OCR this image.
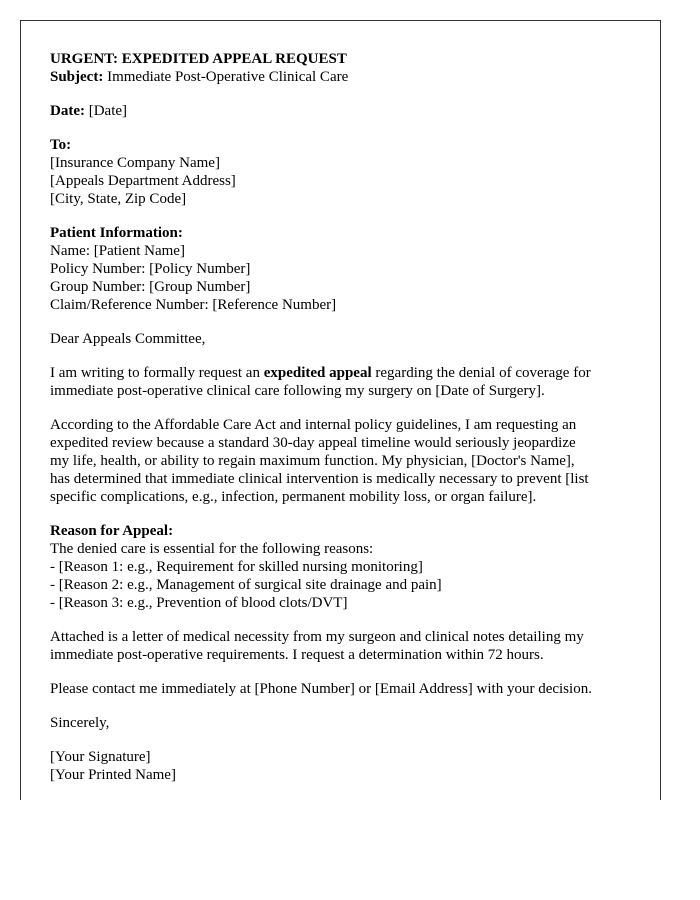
URGENT: EXPEDITED APPEAL REQUEST
Subject: Immediate Post-Operative Clinical Care
Date: [Date]
To:
[Insurance Company Name]
[Appeals Department Address]
[City, State, Zip Code]
Patient Information:
Name: [Patient Name]
Policy Number: [Policy Number]
Group Number: [Group Number]
Claim/Reference Number: [Reference Number]
Dear Appeals Committee,
I am writing to formally request an expedited appeal regarding the denial of coverage for
immediate post-operative clinical care following my surgery on [Date of Surgery].
According to the Affordable Care Act and internal policy guidelines, I am requesting an
expedited review because a standard 30-day appeal timeline would seriously jeopardize
my life, health, or ability to regain maximum function. My physician, [Doctor's Name],
has determined that immediate clinical intervention is medically necessary to prevent [list
specific complications, e.g., infection, permanent mobility loss, or organ failure].
Reason for Appeal:
The denied care is essential for the following reasons:
- [Reason 1: e.g., Requirement for skilled nursing monitoring]
- [Reason 2: e.g., Management of surgical site drainage and pain]
- [Reason 3: e.g., Prevention of blood clots/DVT]
Attached is a letter of medical necessity from my surgeon and clinical notes detailing my
immediate post-operative requirements. I request a determination within 72 hours.
Please contact me immediately at [Phone Number] or [Email Address] with your decision.
Sincerely,
[Your Signature]
[Your Printed Name]
